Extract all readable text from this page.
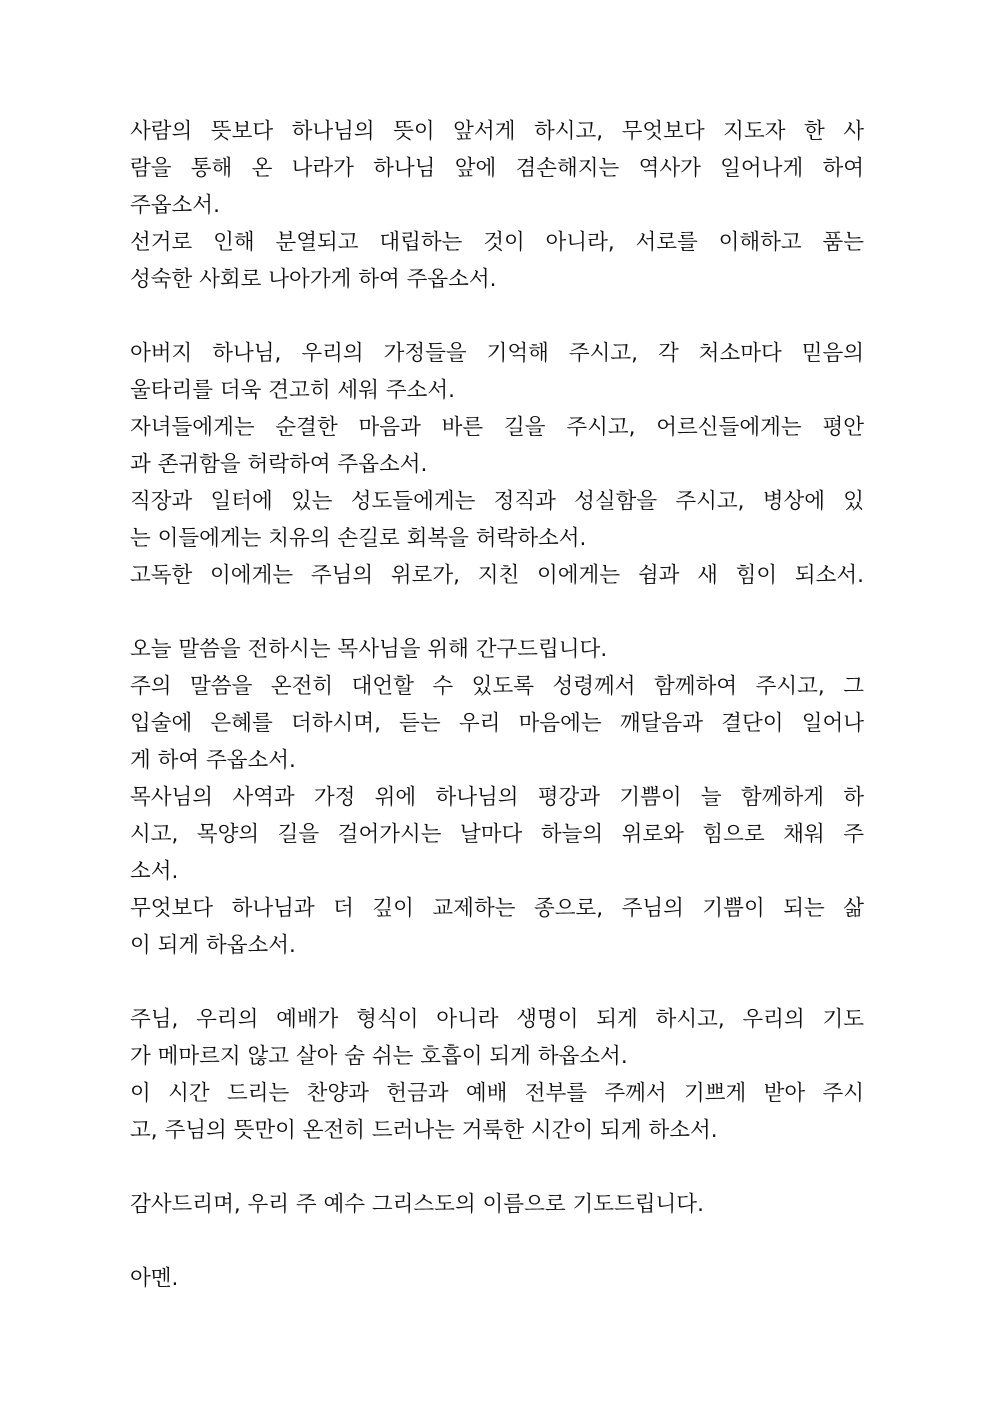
사람의 뜻보다 하나님의 뜻이 앞서게 하시고, 무엇보다 지도자 한 사
람을 통해 온 나라가 하나님 앞에 겸손해지는 역사가 일어나게 하여
주옵소서.
선거로 인해 분열되고 대립하는 것이 아니라, 서로를 이해하고 품는
성숙한 사회로 나아가게 하여 주옵소서.

아버지 하나님, 우리의 가정들을 기억해 주시고, 각 처소마다 믿음의
울타리를 더욱 견고히 세워 주소서.
자녀들에게는 순결한 마음과 바른 길을 주시고, 어르신들에게는 평안
과 존귀함을 허락하여 주옵소서.
직장과 일터에 있는 성도들에게는 정직과 성실함을 주시고, 병상에 있
는 이들에게는 치유의 손길로 회복을 허락하소서.
고독한 이에게는 주님의 위로가, 지친 이에게는 쉼과 새 힘이 되소서.

오늘 말씀을 전하시는 목사님을 위해 간구드립니다.
주의 말씀을 온전히 대언할 수 있도록 성령께서 함께하여 주시고, 그
입술에 은혜를 더하시며, 듣는 우리 마음에는 깨달음과 결단이 일어나
게 하여 주옵소서.
목사님의 사역과 가정 위에 하나님의 평강과 기쁨이 늘 함께하게 하
시고, 목양의 길을 걸어가시는 날마다 하늘의 위로와 힘으로 채워 주
소서.
무엇보다 하나님과 더 깊이 교제하는 종으로, 주님의 기쁨이 되는 삶
이 되게 하옵소서.

주님, 우리의 예배가 형식이 아니라 생명이 되게 하시고, 우리의 기도
가 메마르지 않고 살아 숨 쉬는 호흡이 되게 하옵소서.
이 시간 드리는 찬양과 헌금과 예배 전부를 주께서 기쁘게 받아 주시
고, 주님의 뜻만이 온전히 드러나는 거룩한 시간이 되게 하소서.

감사드리며, 우리 주 예수 그리스도의 이름으로 기도드립니다.

아멘.
